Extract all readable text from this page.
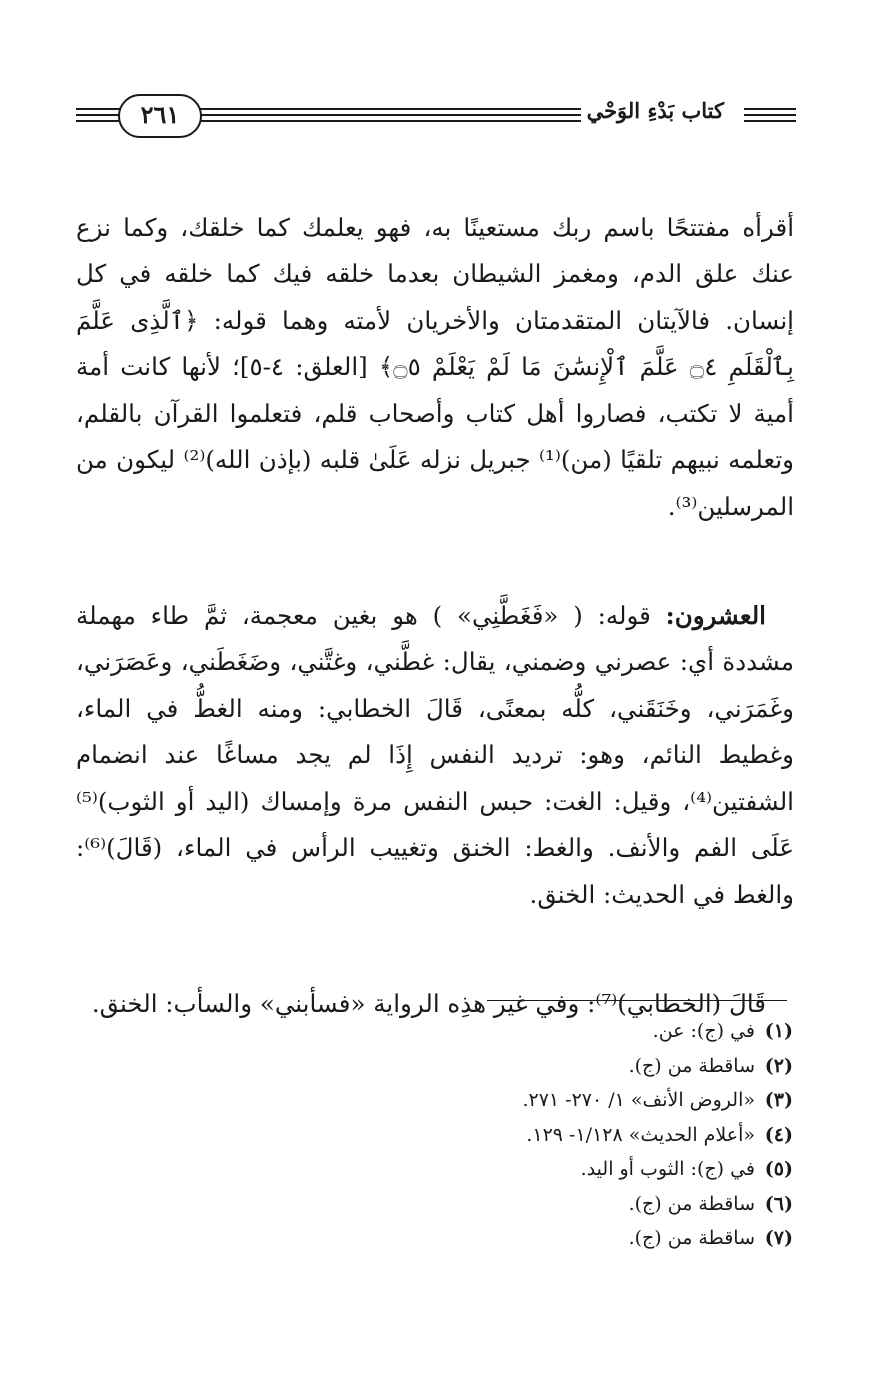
كتاب بَدْءِ الوَحْي
٢٦١

أقرأه مفتتحًا باسم ربك مستعينًا به، فهو يعلمك كما خلقك، وكما نزع عنك علق الدم، ومغمز الشيطان بعدما خلقه فيك كما خلقه في كل إنسان. فالآيتان المتقدمتان والأخريان لأمته وهما قوله: ﴿ٱلَّذِى عَلَّمَ بِٱلْقَلَمِ ۝٤ عَلَّمَ ٱلْإِنسَٰنَ مَا لَمْ يَعْلَمْ ۝٥﴾ [العلق: ٤-٥]؛ لأنها كانت أمة أمية لا تكتب، فصاروا أهل كتاب وأصحاب قلم، فتعلموا القرآن بالقلم، وتعلمه نبيهم تلقيًا (من)⁽¹⁾ جبريل نزله عَلَىٰ قلبه (بإذن الله)⁽²⁾ ليكون من المرسلين⁽³⁾.

العشرون: قوله: ( «فَغَطَّنِي» ) هو بغين معجمة، ثمَّ طاء مهملة مشددة أي: عصرني وضمني، يقال: غطَّني، وغتَّني، وضَغَطَني، وعَصَرَني، وغَمَرَني، وخَنَقَني، كلُّه بمعنًى، قَالَ الخطابي: ومنه الغطُّ في الماء، وغطيط النائم، وهو: ترديد النفس إِذَا لم يجد مساغًا عند انضمام الشفتين⁽⁴⁾، وقيل: الغت: حبس النفس مرة وإمساك (اليد أو الثوب)⁽⁵⁾ عَلَى الفم والأنف. والغط: الخنق وتغييب الرأس في الماء، (قَالَ)⁽⁶⁾: والغط في الحديث: الخنق.

قَالَ (الخطابي)⁽⁷⁾: وفي غير هذِه الرواية «فسأبني» والسأب: الخنق.

(١)في (ج): عن.
(٢)ساقطة من (ج).
(٣)«الروض الأنف» ١/ ٢٧٠- ٢٧١.
(٤)«أعلام الحديث» ١/١٢٨- ١٢٩.
(٥)في (ج): الثوب أو اليد.
(٦)ساقطة من (ج).
(٧)ساقطة من (ج).
